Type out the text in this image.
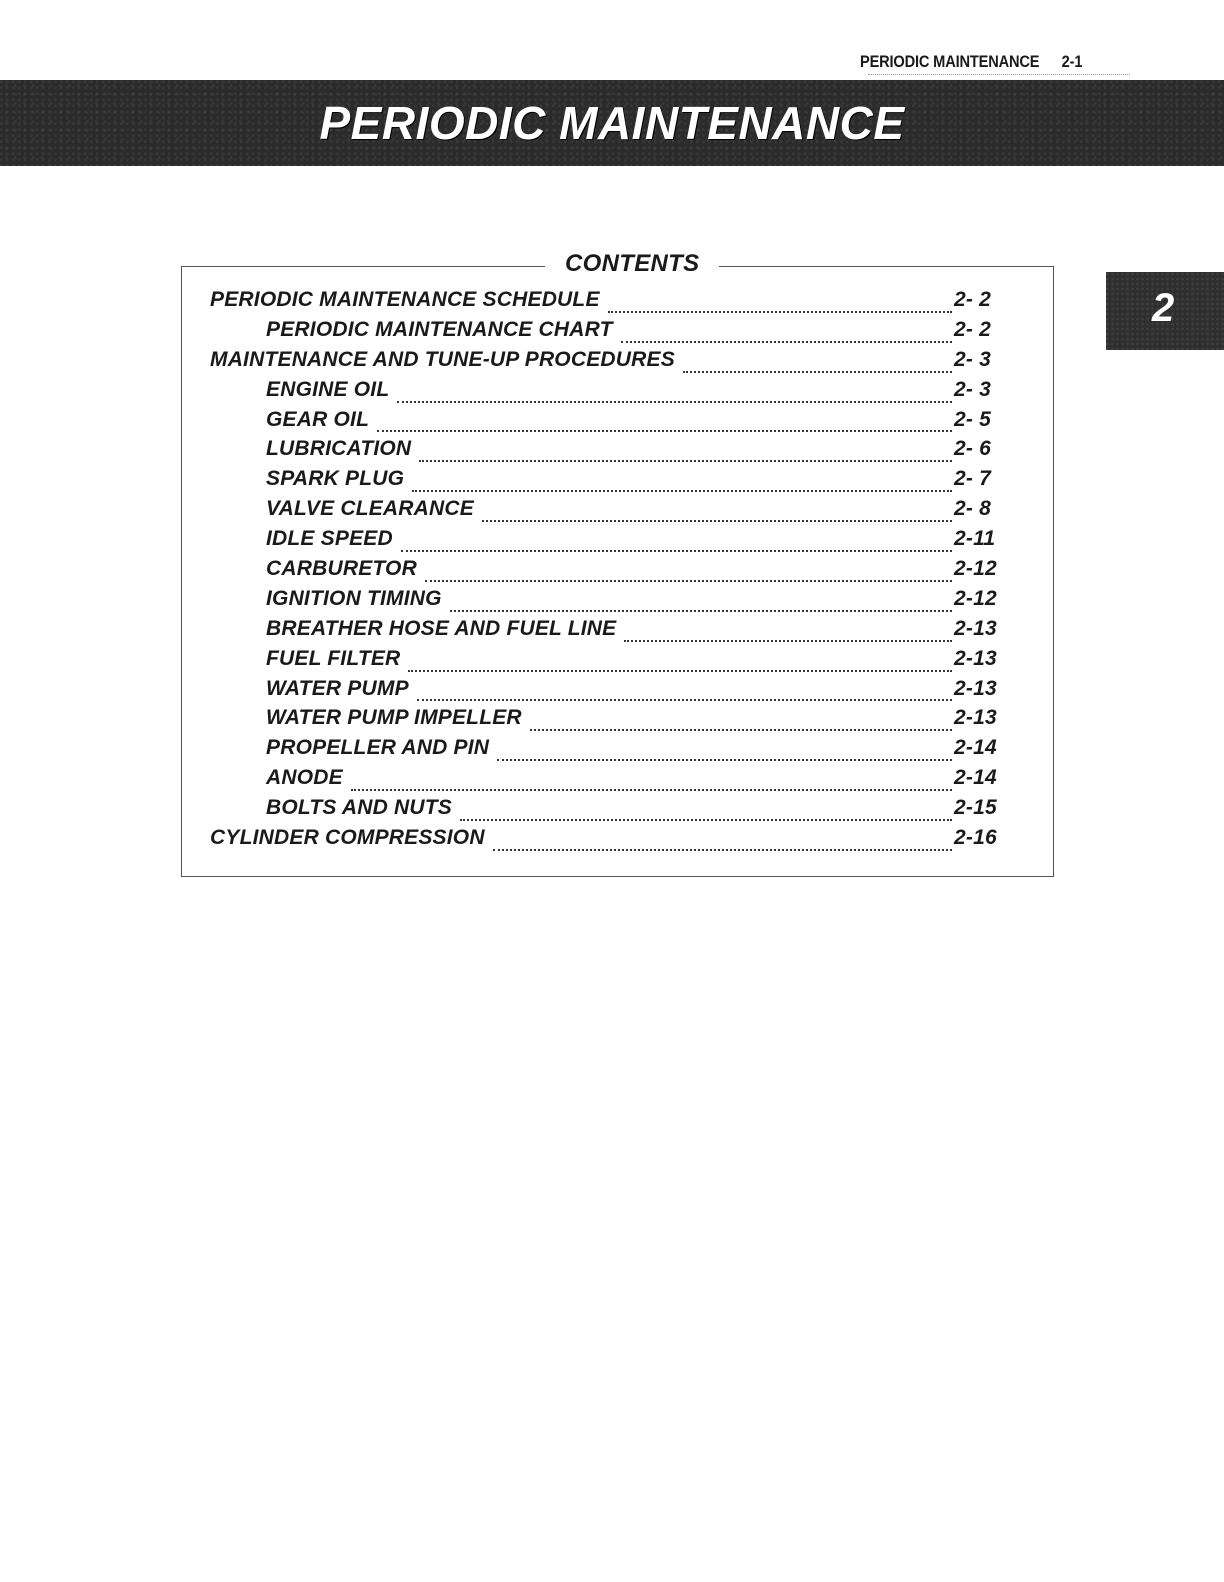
PERIODIC MAINTENANCE 2-1
PERIODIC MAINTENANCE
2
CONTENTS
PERIODIC MAINTENANCE SCHEDULE	2- 2
PERIODIC MAINTENANCE CHART	2- 2
MAINTENANCE AND TUNE-UP PROCEDURES	2- 3
ENGINE OIL	2- 3
GEAR OIL	2- 5
LUBRICATION	2- 6
SPARK PLUG	2- 7
VALVE CLEARANCE	2- 8
IDLE SPEED	2-11
CARBURETOR	2-12
IGNITION TIMING	2-12
BREATHER HOSE AND FUEL LINE	2-13
FUEL FILTER	2-13
WATER PUMP	2-13
WATER PUMP IMPELLER	2-13
PROPELLER AND PIN	2-14
ANODE	2-14
BOLTS AND NUTS	2-15
CYLINDER COMPRESSION	2-16
